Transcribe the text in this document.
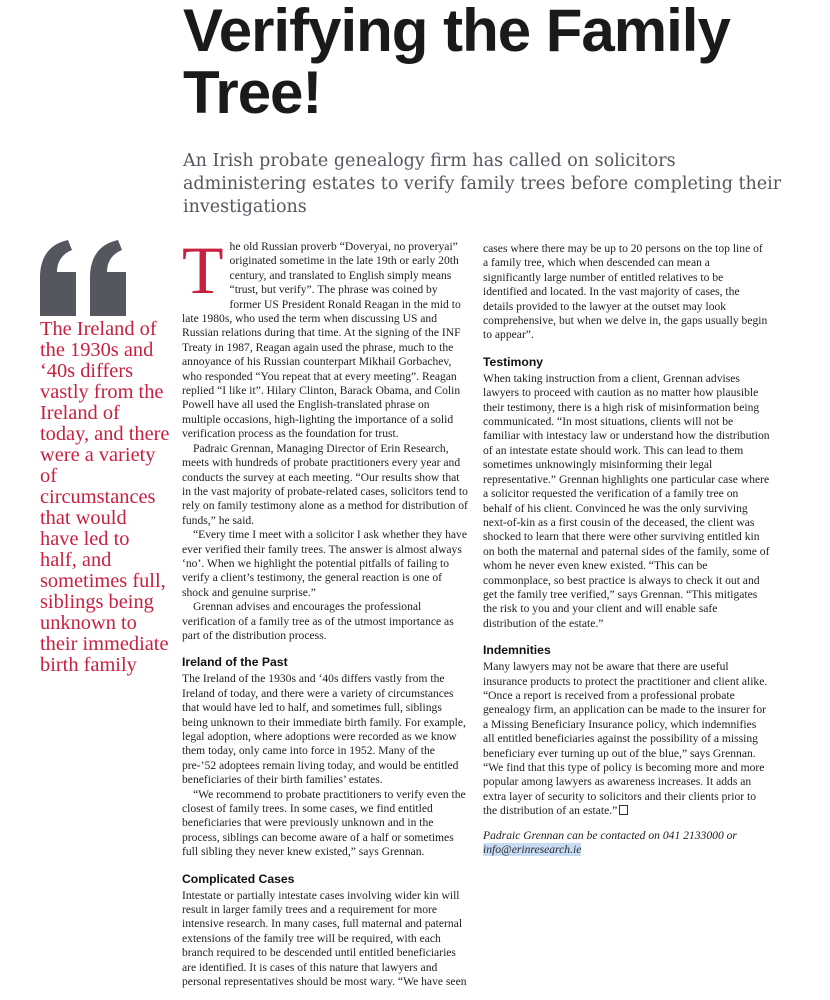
Verifying the Family Tree!

An Irish probate genealogy firm has called on solicitors administering estates to verify family trees before completing their investigations

The Ireland of the 1930s and ‘40s differs vastly from the Ireland of today, and there were a variety of circumstances that would have led to half, and sometimes full, siblings being unknown to their immediate birth family

The old Russian proverb “Doveryai, no proveryai” originated sometime in the late 19th or early 20th century, and translated to English simply means “trust, but verify”. The phrase was coined by former US President Ronald Reagan in the mid to late 1980s, who used the term when discussing US and Russian relations during that time. At the signing of the INF Treaty in 1987, Reagan again used the phrase, much to the annoyance of his Russian counterpart Mikhail Gorbachev, who responded “You repeat that at every meeting”. Reagan replied “I like it”. Hilary Clinton, Barack Obama, and Colin Powell have all used the English-translated phrase on multiple occasions, high-lighting the importance of a solid verification process as the foundation for trust.

Padraic Grennan, Managing Director of Erin Research, meets with hundreds of probate practitioners every year and conducts the survey at each meeting. “Our results show that in the vast majority of probate-related cases, solicitors tend to rely on family testimony alone as a method for distribution of funds,” he said.

“Every time I meet with a solicitor I ask whether they have ever verified their family trees. The answer is almost always ‘no’. When we highlight the potential pitfalls of failing to verify a client’s testimony, the general reaction is one of shock and genuine surprise.”

Grennan advises and encourages the professional verification of a family tree as of the utmost importance as part of the distribution process.

Ireland of the Past

The Ireland of the 1930s and ‘40s differs vastly from the Ireland of today, and there were a variety of circumstances that would have led to half, and sometimes full, siblings being unknown to their immediate birth family. For example, legal adoption, where adoptions were recorded as we know them today, only came into force in 1952. Many of the pre-’52 adoptees remain living today, and would be entitled beneficiaries of their birth families’ estates.

“We recommend to probate practitioners to verify even the closest of family trees. In some cases, we find entitled beneficiaries that were previously unknown and in the process, siblings can become aware of a half or sometimes full sibling they never knew existed,” says Grennan.

Complicated Cases

Intestate or partially intestate cases involving wider kin will result in larger family trees and a requirement for more intensive research. In many cases, full maternal and paternal extensions of the family tree will be required, with each branch required to be descended until entitled beneficiaries are identified. It is cases of this nature that lawyers and personal representatives should be most wary. “We have seen

cases where there may be up to 20 persons on the top line of a family tree, which when descended can mean a significantly large number of entitled relatives to be identified and located. In the vast majority of cases, the details provided to the lawyer at the outset may look comprehensive, but when we delve in, the gaps usually begin to appear”.

Testimony

When taking instruction from a client, Grennan advises lawyers to proceed with caution as no matter how plausible their testimony, there is a high risk of misinformation being communicated. “In most situations, clients will not be familiar with intestacy law or understand how the distribution of an intestate estate should work. This can lead to them sometimes unknowingly misinforming their legal representative.” Grennan highlights one particular case where a solicitor requested the verification of a family tree on behalf of his client. Convinced he was the only surviving next-of-kin as a first cousin of the deceased, the client was shocked to learn that there were other surviving entitled kin on both the maternal and paternal sides of the family, some of whom he never even knew existed. “This can be commonplace, so best practice is always to check it out and get the family tree verified,” says Grennan. “This mitigates the risk to you and your client and will enable safe distribution of the estate.”

Indemnities

Many lawyers may not be aware that there are useful insurance products to protect the practitioner and client alike. “Once a report is received from a professional probate genealogy firm, an application can be made to the insurer for a Missing Beneficiary Insurance policy, which indemnifies all entitled beneficiaries against the possibility of a missing beneficiary ever turning up out of the blue,” says Grennan. “We find that this type of policy is becoming more and more popular among lawyers as awareness increases. It adds an extra layer of security to solicitors and their clients prior to the distribution of an estate.”

Padraic Grennan can be contacted on 041 2133000 or
info@erinresearch.ie
